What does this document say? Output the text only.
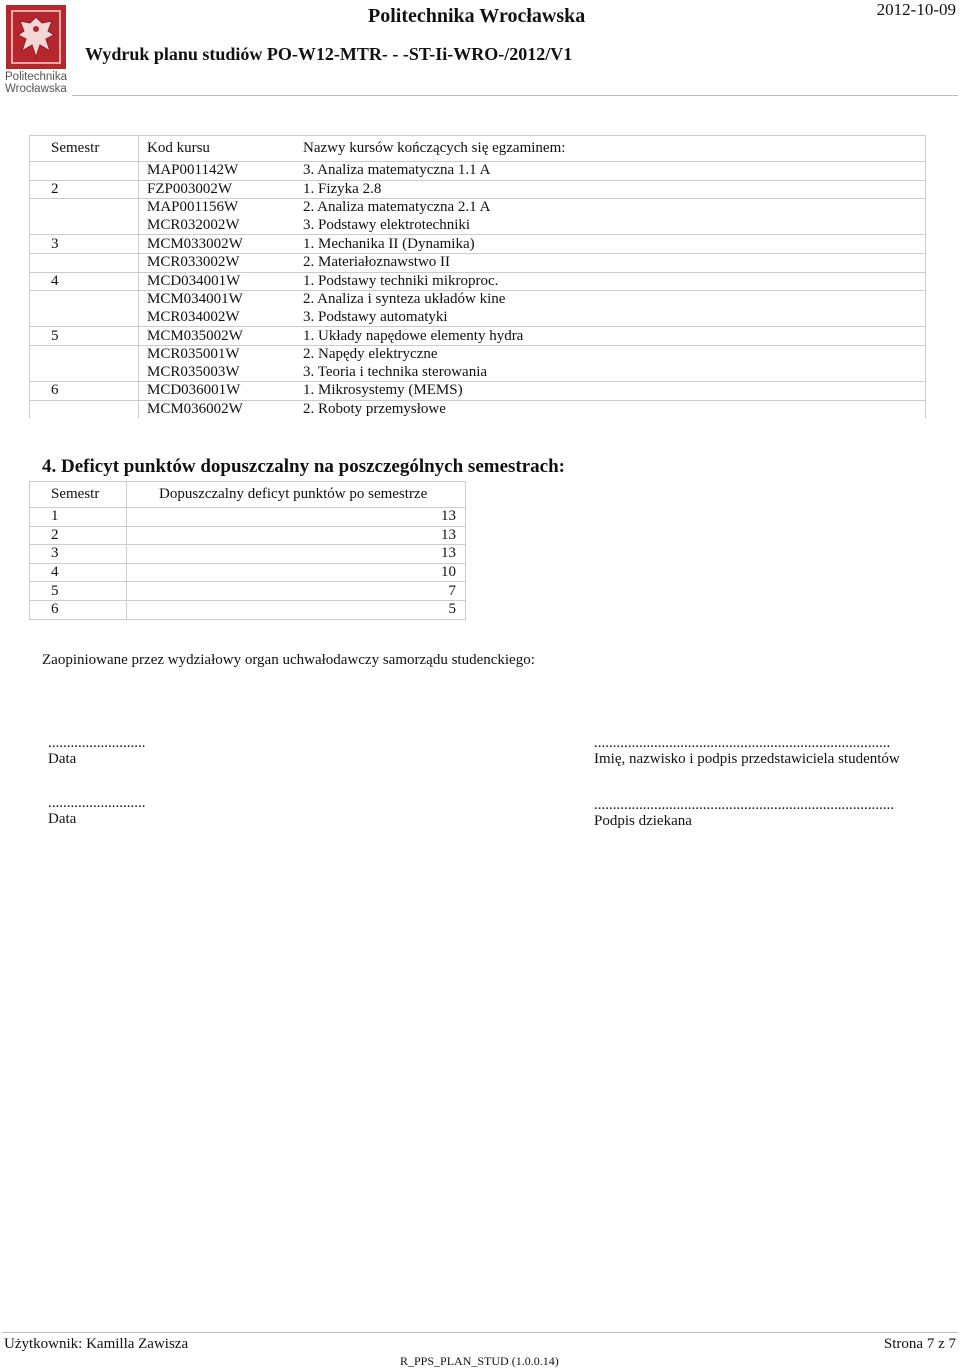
Politechnika
Wrocławska
Politechnika Wrocławska	2012-10-09
Wydruk planu studiów PO-W12-MTR- - -ST-Ii-WRO-/2012/V1
Semestr	Kod kursu	Nazwy kursów kończących się egzaminem:
	MAP001142W	3. Analiza matematyczna 1.1 A
2	FZP003002W	1. Fizyka 2.8
	MAP001156W	2. Analiza matematyczna 2.1 A
	MCR032002W	3. Podstawy elektrotechniki
3	MCM033002W	1. Mechanika II (Dynamika)
	MCR033002W	2. Materiałoznawstwo II
4	MCD034001W	1. Podstawy techniki mikroproc.
	MCM034001W	2. Analiza i synteza układów kine
	MCR034002W	3. Podstawy automatyki
5	MCM035002W	1. Układy napędowe elementy hydra
	MCR035001W	2. Napędy elektryczne
	MCR035003W	3. Teoria i technika sterowania
6	MCD036001W	1. Mikrosystemy (MEMS)
	MCM036002W	2. Roboty przemysłowe
4. Deficyt punktów dopuszczalny na poszczególnych semestrach:
Semestr	Dopuszczalny deficyt punktów po semestrze
1	13
2	13
3	13
4	10
5	7
6	5
Zaopiniowane przez wydziałowy organ uchwałodawczy samorządu studenckiego:
..........................
Data
...............................................................................
Imię, nazwisko i podpis przedstawiciela studentów
..........................
Data
................................................................................
Podpis dziekana
Użytkownik: Kamilla Zawisza	Strona 7 z 7
R_PPS_PLAN_STUD (1.0.0.14)
